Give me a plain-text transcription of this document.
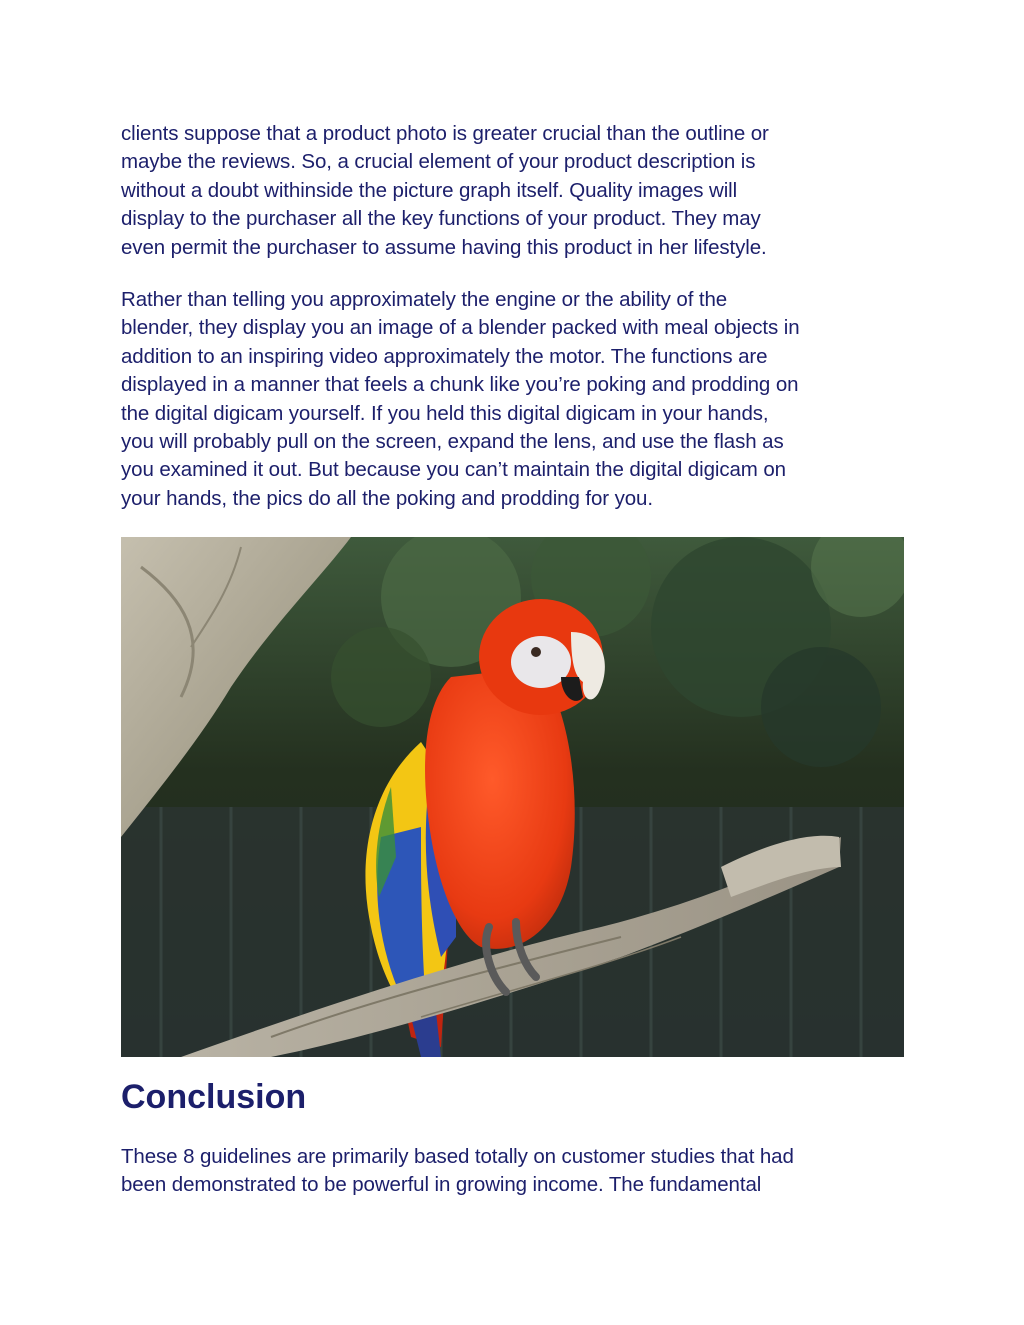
clients suppose that a product photo is greater crucial than the outline or
maybe the reviews. So, a crucial element of your product description is
without a doubt withinside the picture graph itself. Quality images will
display to the purchaser all the key functions of your product. They may
even permit the purchaser to assume having this product in her lifestyle.

Rather than telling you approximately the engine or the ability of the
blender, they display you an image of a blender packed with meal objects in
addition to an inspiring video approximately the motor. The functions are
displayed in a manner that feels a chunk like you’re poking and prodding on
the digital digicam yourself. If you held this digital digicam in your hands,
you will probably pull on the screen, expand the lens, and use the flash as
you examined it out. But because you can’t maintain the digital digicam on
your hands, the pics do all the poking and prodding for you.

Conclusion

These 8 guidelines are primarily based totally on customer studies that had
been demonstrated to be powerful in growing income. The fundamental
